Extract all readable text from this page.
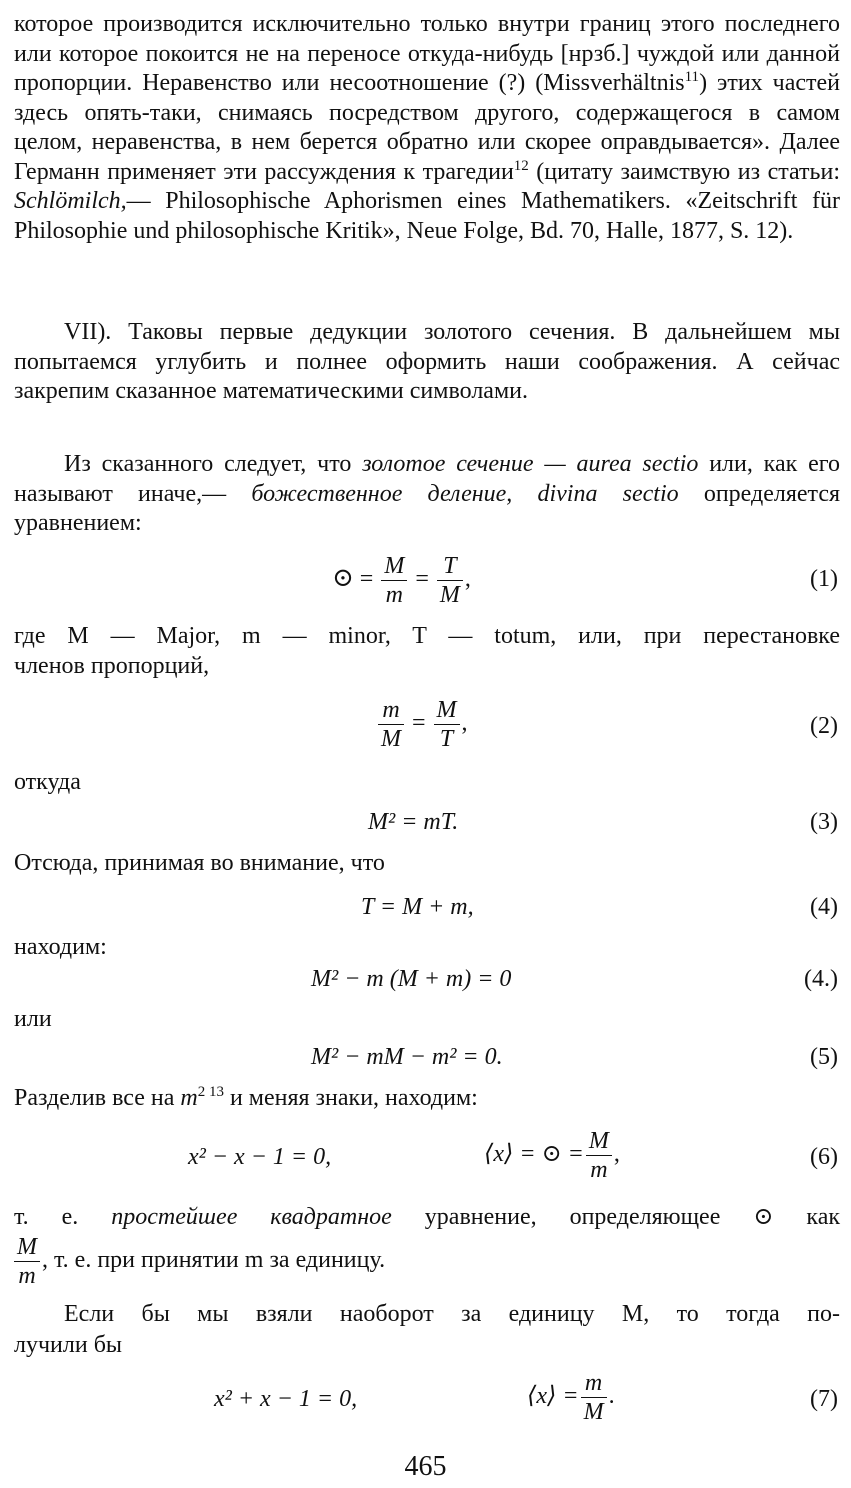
которое производится исключительно только внутри границ этого последнего или которое покоится не на переносе откуда-нибудь [нрзб.] чуждой или данной пропорции. Неравенство или несоотношение (?) (Missverhältnis$^{11}$) этих частей здесь опять-таки, снимаясь посредством другого, содержащегося в самом целом, неравенства, в нем берется обратно или скорее оправдывается». Далее Германн применяет эти рассуждения к трагедии$^{12}$ (цитату заимствую из статьи: Schlömilch,— Philosophische Aphorismen eines Mathematikers. «Zeitschrift für Philosophie und philosophische Kritik», Neue Folge, Bd. 70, Halle, 1877, S. 12).
VII). Таковы первые дедукции золотого сечения. В дальнейшем мы попытаемся углубить и полнее оформить наши соображения. А сейчас закрепим сказанное математическими символами.
Из сказанного следует, что золотое сечение — aurea sectio или, как его называют иначе,— божественное деление, divina sectio определяется уравнением:
⊙ = $\frac{M}{m} = \frac{T}{M}$ ,	(1)
где M — Major, m — minor, T — totum, или, при перестановке
членов пропорций,
$\frac{m}{M} = \frac{M}{T}$ ,	(2)
откуда
M² = mT.	(3)
Отсюда, принимая во внимание, что
T = M + m,	(4)
находим:
M² − m (M + m) = 0	(4.)
или
M² − mM − m² = 0.	(5)
Разделив все на $m^{2 13}$ и меняя знаки, находим:
x² − x − 1 = 0,	⟨x⟩ = ⊙ = $\frac{M}{m}$ ,	(6)
т. е. простейшее квадратное уравнение, определяющее ⊙ как
$\frac{M}{m}$ , т. е. при принятии m за единицу.
Если бы мы взяли наоборот за единицу M, то тогда по-
лучили бы
x² + x − 1 = 0,	⟨x⟩ = $\frac{m}{M}$ .	(7)
465
